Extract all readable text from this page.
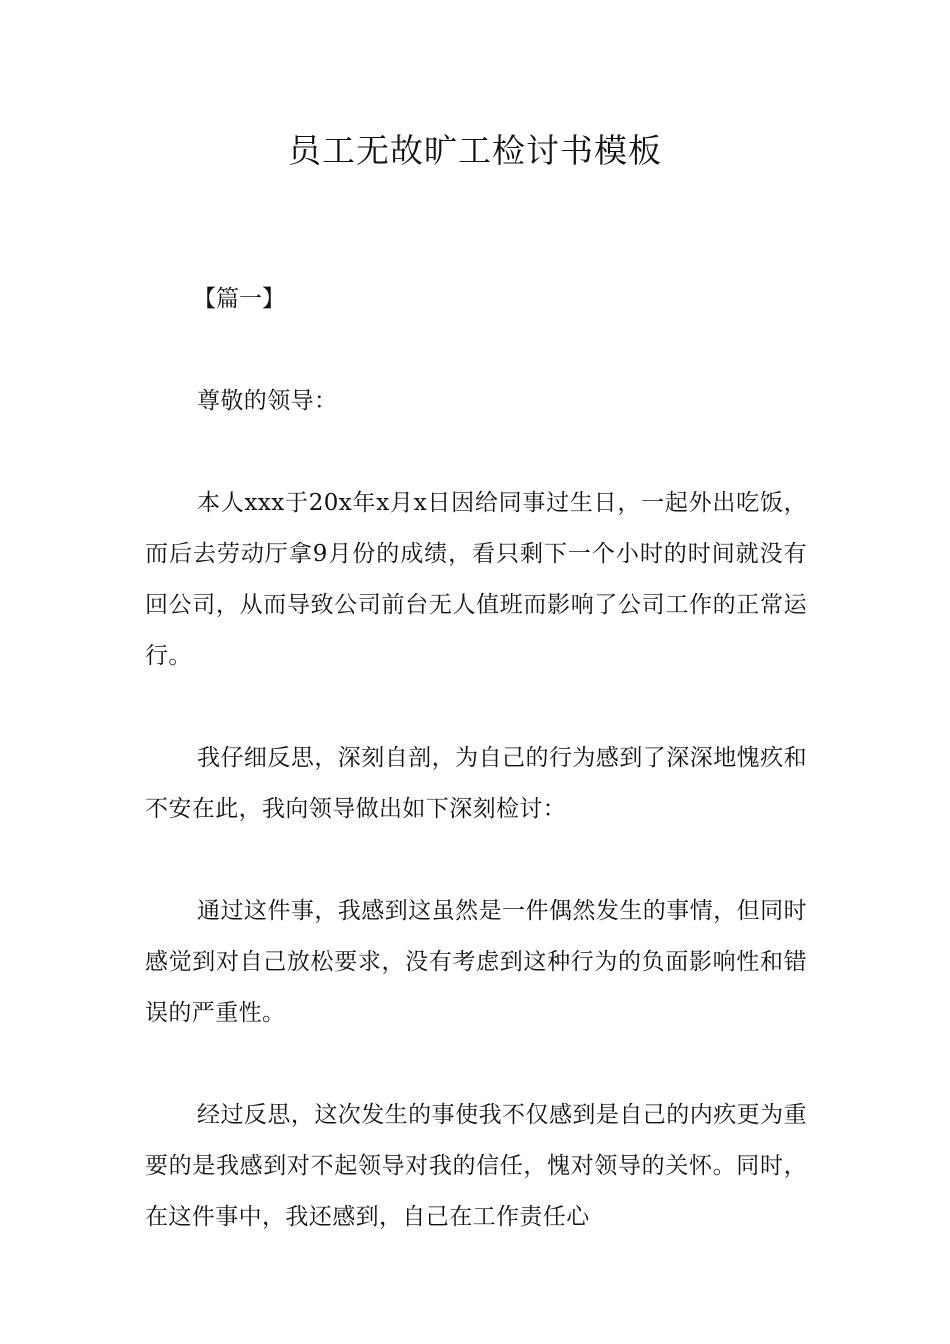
员工无故旷工检讨书模板

【篇一】

尊敬的领导：

本人xxx于20x年x月x日因给同事过生日，一起外出吃饭，而后去劳动厅拿9月份的成绩，看只剩下一个小时的时间就没有回公司，从而导致公司前台无人值班而影响了公司工作的正常运行。

我仔细反思，深刻自剖，为自己的行为感到了深深地愧疚和不安在此，我向领导做出如下深刻检讨：

通过这件事，我感到这虽然是一件偶然发生的事情，但同时感觉到对自己放松要求，没有考虑到这种行为的负面影响性和错误的严重性。

经过反思，这次发生的事使我不仅感到是自己的内疚更为重要的是我感到对不起领导对我的信任，愧对领导的关怀。同时，在这件事中，我还感到，自己在工作责任心
